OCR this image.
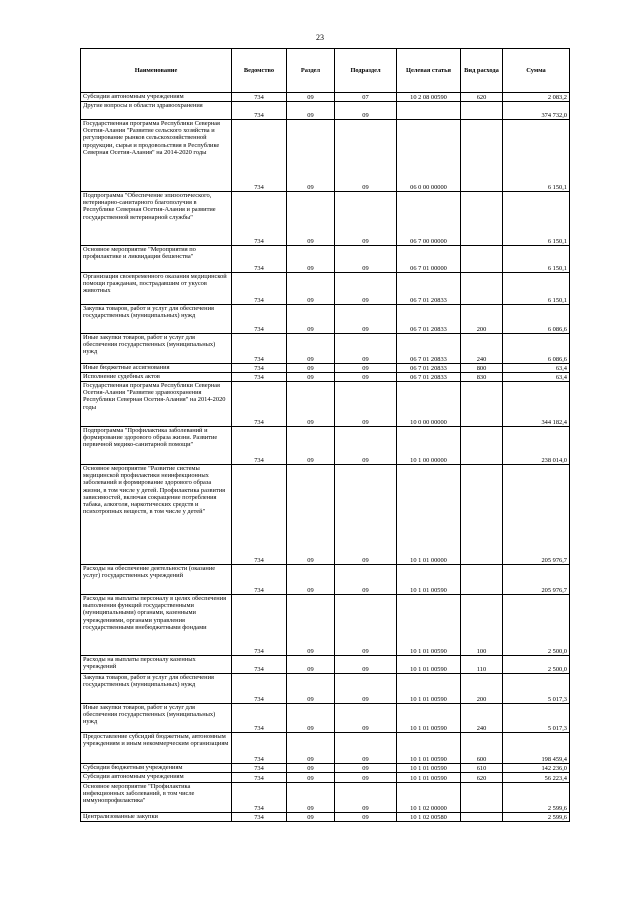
23
Наименование	Ведомство	Раздел	Подраздел	Целевая статья	Вид расхода	Сумма
Субсидии автономным учреждениям	734	09	07	10 2 08 00590	620	2 083,2
Другие вопросы в области здравоохранения	734	09	09			374 732,0
Государственная программа Республики Северная Осетия-Алания "Развитие сельского хозяйства и регулирование рынков сельскохозяйственной продукции, сырья и продовольствия в Республике Северная Осетия-Алания" на 2014-2020 годы	734	09	09	06 0 00 00000		6 150,1
Подпрограмма "Обеспечение эпизоотического, ветеринарно-санитарного благополучия в Республике Северная Осетия-Алания и развитие государственной ветеринарной службы"	734	09	09	06 7 00 00000		6 150,1
Основное мероприятие "Мероприятия по профилактике и ликвидации бешенства"	734	09	09	06 7 01 00000		6 150,1
Организация своевременного оказания медицинской помощи гражданам, пострадавшим от укусов животных	734	09	09	06 7 01 20833		6 150,1
Закупка товаров, работ и услуг для обеспечения государственных (муниципальных) нужд	734	09	09	06 7 01 20833	200	6 086,6
Иные закупки товаров, работ и услуг для обеспечения государственных (муниципальных) нужд	734	09	09	06 7 01 20833	240	6 086,6
Иные бюджетные ассигнования	734	09	09	06 7 01 20833	800	63,4
Исполнение судебных актов	734	09	09	06 7 01 20833	830	63,4
Государственная программа Республики Северная Осетия-Алания "Развитие здравоохранения Республики Северная Осетия-Алания" на 2014-2020 годы	734	09	09	10 0 00 00000		344 182,4
Подпрограмма "Профилактика заболеваний и формирование здорового образа жизни. Развитие первичной медико-санитарной помощи"	734	09	09	10 1 00 00000		238 014,0
Основное мероприятие "Развитие системы медицинской профилактики неинфекционных заболеваний и формирование здорового образа жизни, в том числе у детей. Профилактика развития зависимостей, включая сокращение потребления табака, алкоголя, наркотических средств и психотропных веществ, в том числе у детей"	734	09	09	10 1 01 00000		205 976,7
Расходы на обеспечение деятельности (оказание услуг) государственных учреждений	734	09	09	10 1 01 00590		205 976,7
Расходы на выплаты персоналу в целях обеспечения выполнения функций государственными (муниципальными) органами, казенными учреждениями, органами управления государственными внебюджетными фондами	734	09	09	10 1 01 00590	100	2 500,0
Расходы на выплаты персоналу казенных учреждений	734	09	09	10 1 01 00590	110	2 500,0
Закупка товаров, работ и услуг для обеспечения государственных (муниципальных) нужд	734	09	09	10 1 01 00590	200	5 017,3
Иные закупки товаров, работ и услуг для обеспечения государственных (муниципальных) нужд	734	09	09	10 1 01 00590	240	5 017,3
Предоставление субсидий бюджетным, автономным учреждениям и иным некоммерческим организациям	734	09	09	10 1 01 00590	600	198 459,4
Субсидии бюджетным учреждениям	734	09	09	10 1 01 00590	610	142 236,0
Субсидии автономным учреждениям	734	09	09	10 1 01 00590	620	56 223,4
Основное мероприятие "Профилактика инфекционных заболеваний, в том числе иммунопрофилактика"	734	09	09	10 1 02 00000		2 599,6
Централизованные закупки	734	09	09	10 1 02 00580		2 599,6
